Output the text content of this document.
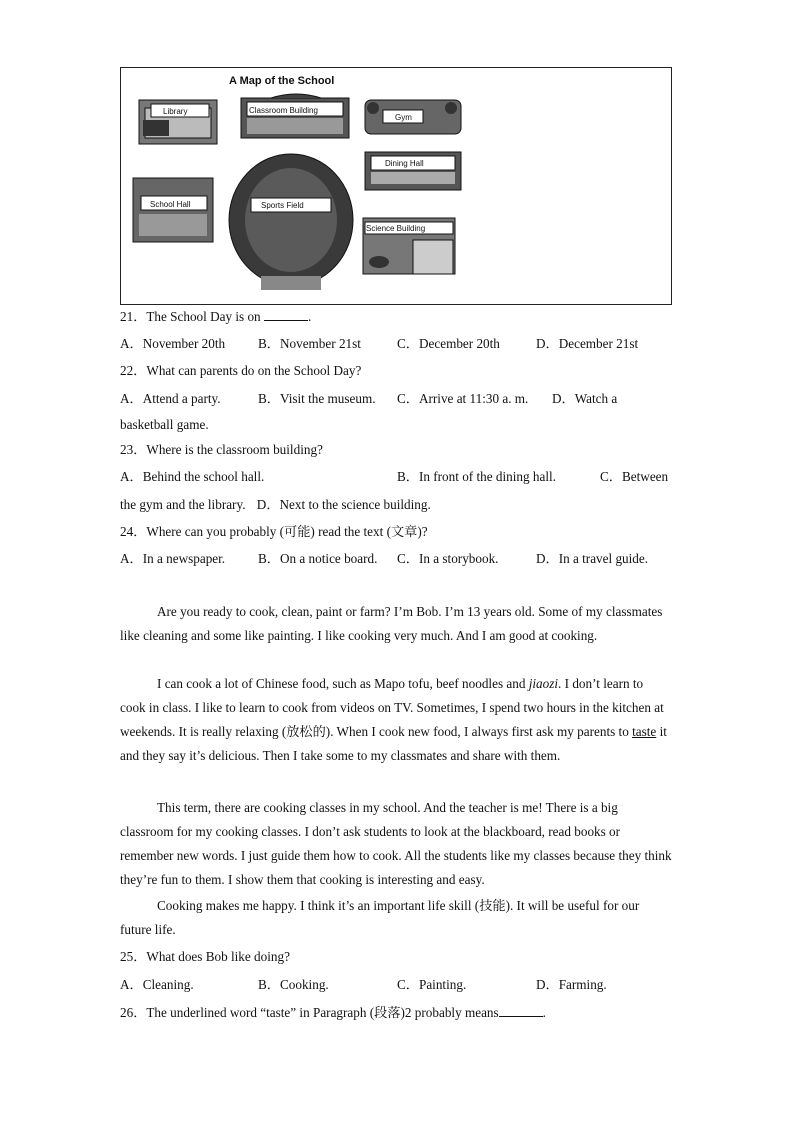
A Map of the School
Library	Classroom Building
Gym
Dining Hall
School Hall	Sports Field
Science Building
21．The School Day is on	.
A．November 20th B．November 21st	C．December 20th	D．December 21st
22．What can parents do on the School Day?
A．Attend a party.	B．Visit the museum. C．Arrive at 11:30 a. m. D．Watch a
basketball game.
23．Where is the classroom building?
A．Behind the school hall.	B．In front of the dining hall.	C．Between
the gym and the library. D．Next to the science building.
24．Where can you probably (可能) read the text (文章)?
A．In a newspaper. B．On a notice board. C．In a storybook.	D．In a travel guide.
Are you ready to cook, clean, paint or farm? I’m Bob. I’m 13 years old. Some of my classmates like cleaning and some like painting. I like cooking very much. And I am good at cooking.
I can cook a lot of Chinese food, such as Mapo tofu, beef noodles and jiaozi. I don’t learn to cook in class. I like to learn to cook from videos on TV. Sometimes, I spend two hours in the kitchen at weekends. It is really relaxing (放松的). When I cook new food, I always first ask my parents to taste it and they say it’s delicious. Then I take some to my classmates and share with them.
This term, there are cooking classes in my school. And the teacher is me! There is a big classroom for my cooking classes. I don’t ask students to look at the blackboard, read books or remember new words. I just guide them how to cook. All the students like my classes because they think they’re fun to them. I show them that cooking is interesting and easy.
Cooking makes me happy. I think it’s an important life skill (技能). It will be useful for our future life.
25．What does Bob like doing?
A．Cleaning.	B．Cooking.	C．Painting.	D．Farming.
26．The underlined word “taste” in Paragraph (段落)2 probably means	.
